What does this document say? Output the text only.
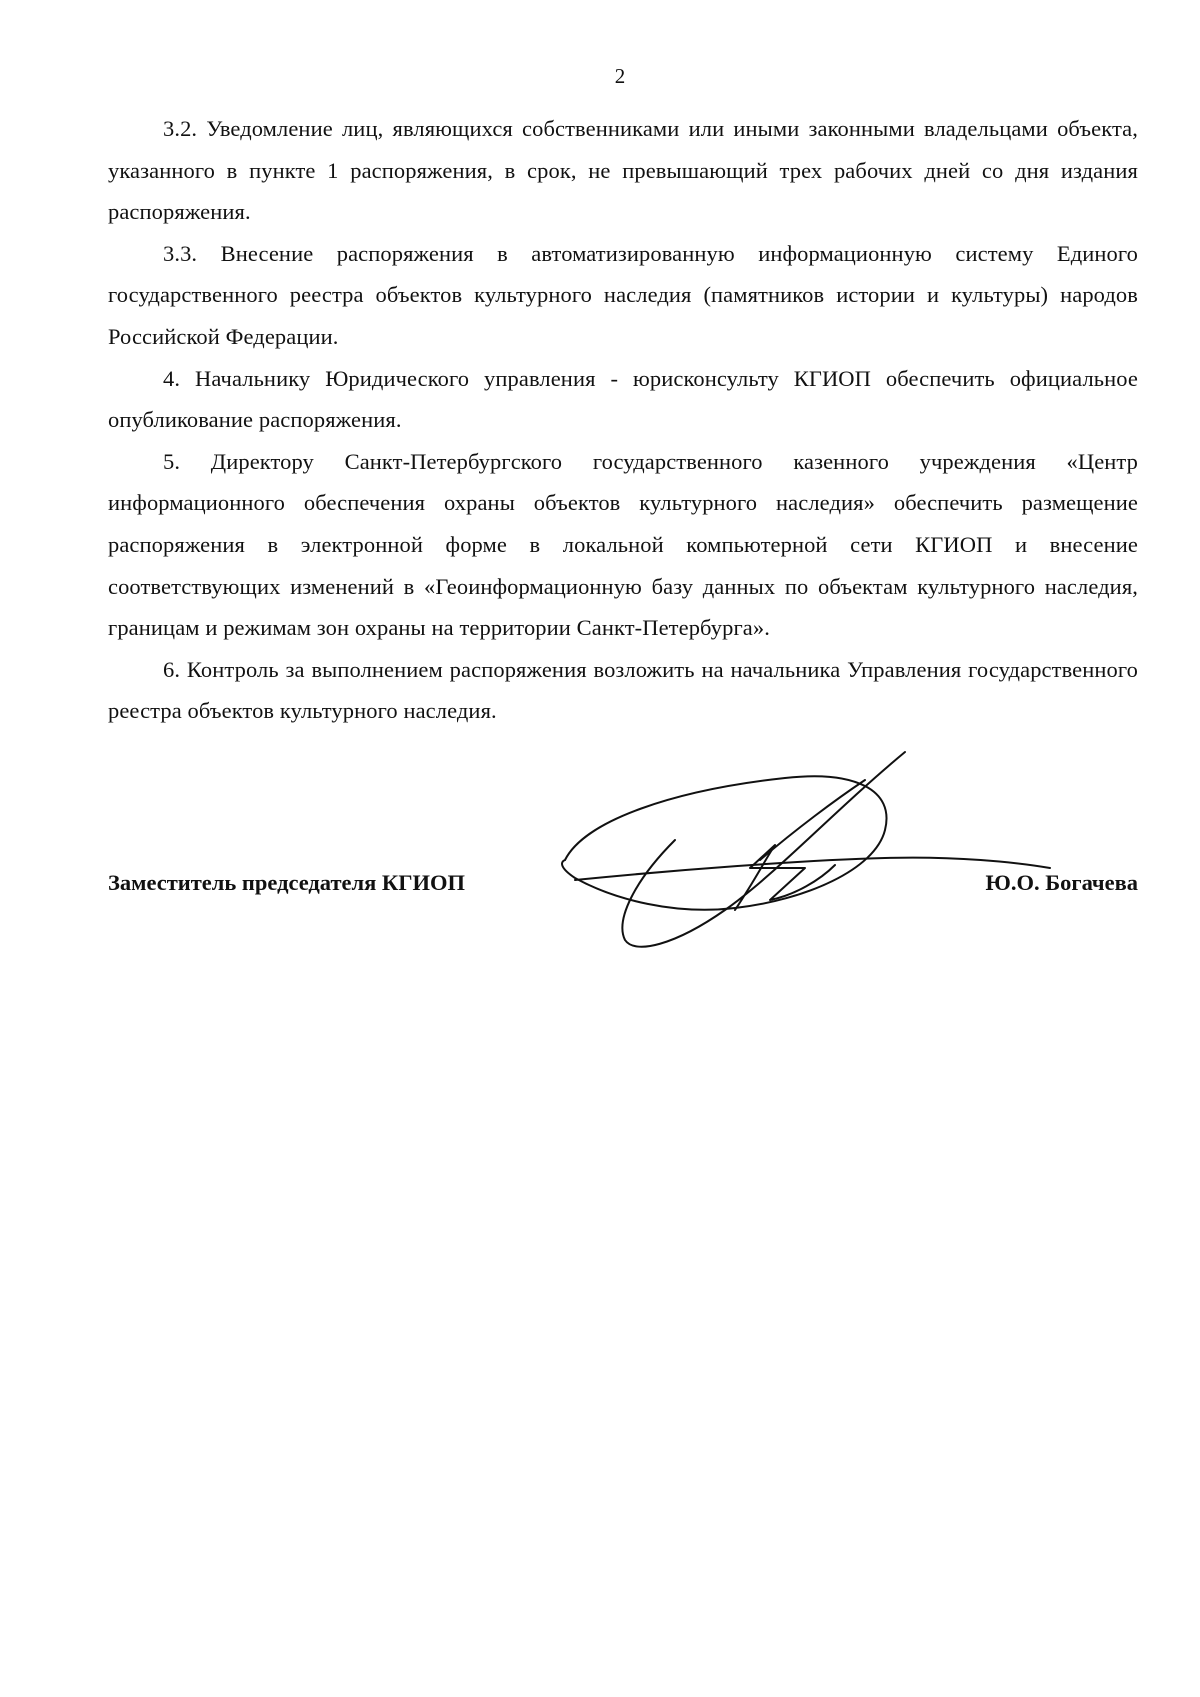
2

3.2. Уведомление лиц, являющихся собственниками или иными законными владельцами объекта, указанного в пункте 1 распоряжения, в срок, не превышающий трех рабочих дней со дня издания распоряжения.

3.3. Внесение распоряжения в автоматизированную информационную систему Единого государственного реестра объектов культурного наследия (памятников истории и культуры) народов Российской Федерации.

4. Начальнику Юридического управления - юрисконсульту КГИОП обеспечить официальное опубликование распоряжения.

5. Директору Санкт-Петербургского государственного казенного учреждения «Центр информационного обеспечения охраны объектов культурного наследия» обеспечить размещение распоряжения в электронной форме в локальной компьютерной сети КГИОП и внесение соответствующих изменений в «Геоинформационную базу данных по объектам культурного наследия, границам и режимам зон охраны на территории Санкт-Петербурга».

6. Контроль за выполнением распоряжения возложить на начальника Управления государственного реестра объектов культурного наследия.

Заместитель председателя КГИОП	Ю.О. Богачева
